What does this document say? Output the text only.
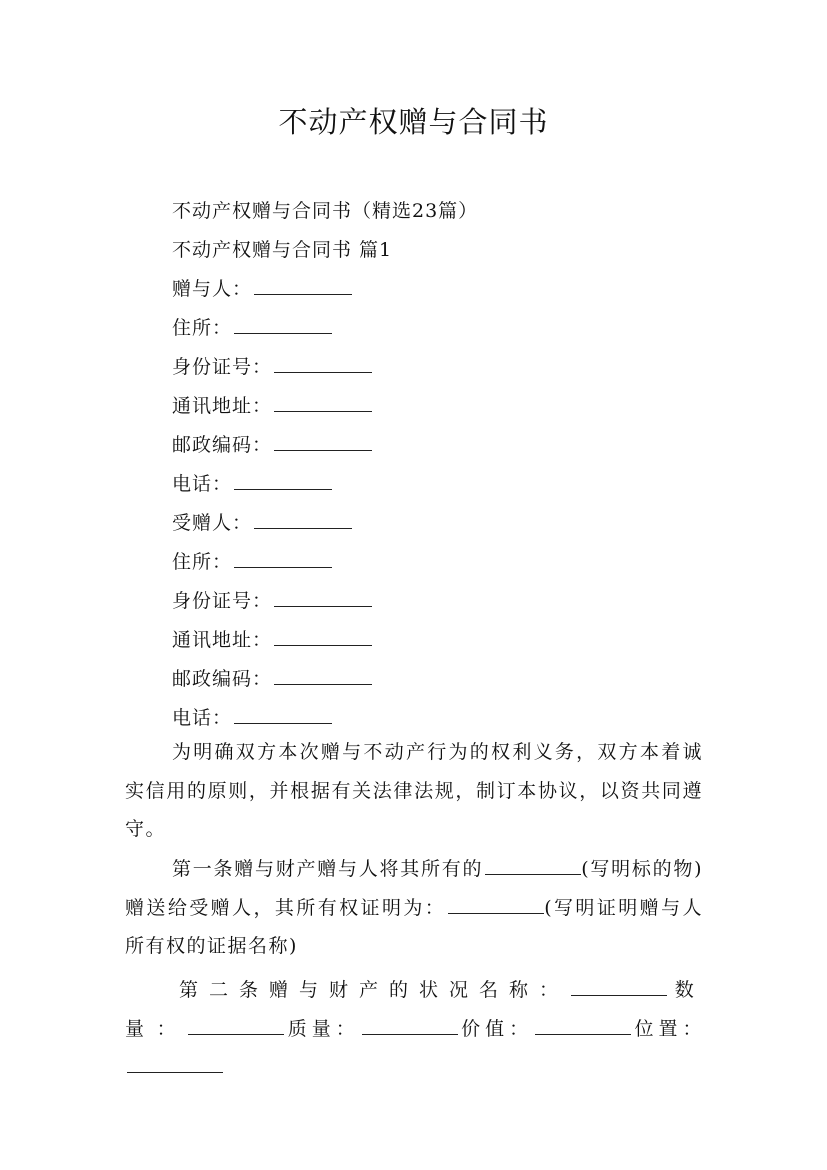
不动产权赠与合同书
不动产权赠与合同书（精选23篇）
不动产权赠与合同书 篇1
赠与人：
住所：
身份证号：
通讯地址：
邮政编码：
电话：
受赠人：
住所：
身份证号：
通讯地址：
邮政编码：
电话：
为明确双方本次赠与不动产行为的权利义务，双方本着诚实信用的原则，并根据有关法律法规，制订本协议，以资共同遵守。
第一条赠与财产赠与人将其所有的	(写明标的物)赠送给受赠人，其所有权证明为：	(写明证明赠与人所有权的证据名称)
第二条赠与财产的状况名称：	数量：	质量：	价值：	位置：
